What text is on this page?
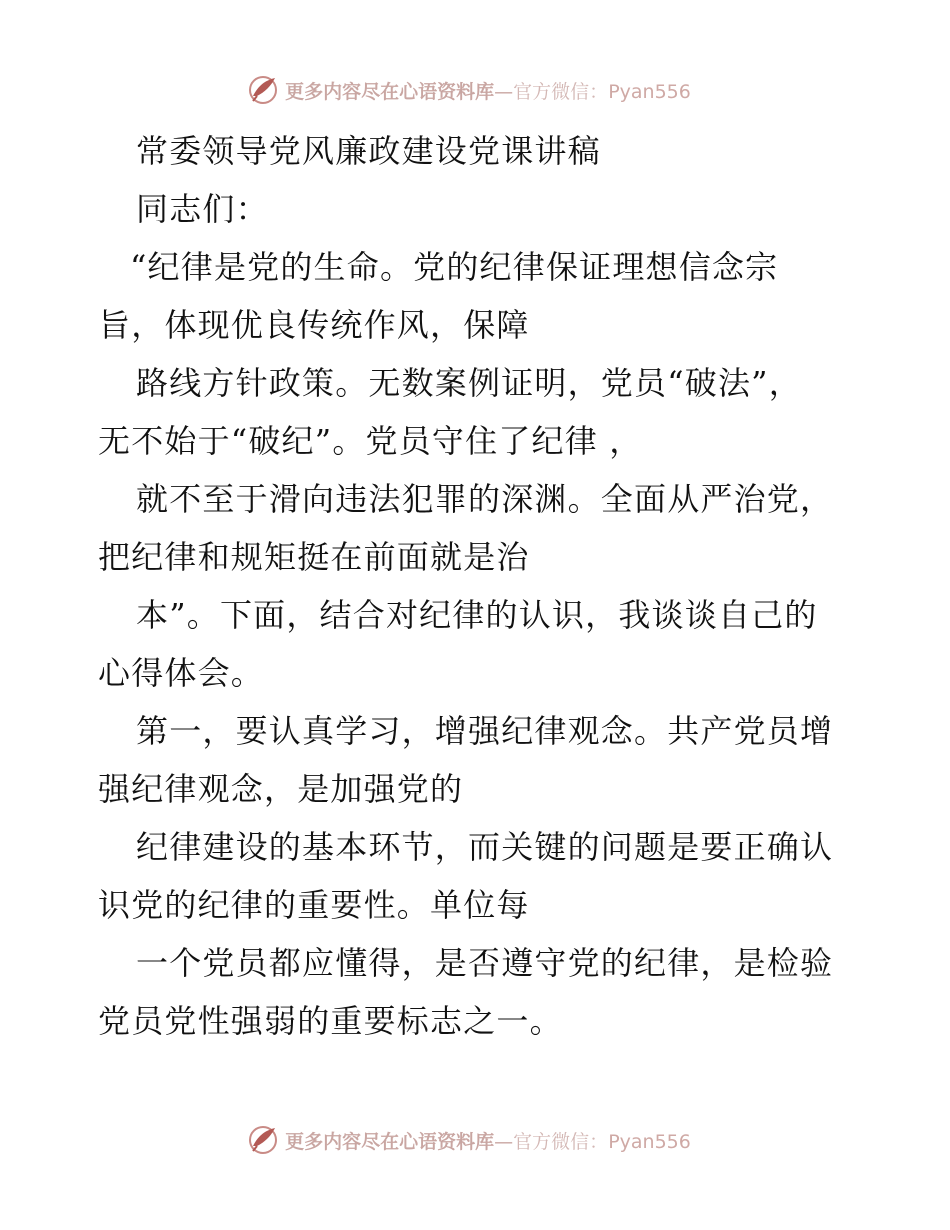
更多内容尽在心语资料库—官方微信：Pyan556
常委领导党风廉政建设党课讲稿
同志们：
“纪律是党的生命。党的纪律保证理想信念宗
旨，体现优良传统作风，保障
路线方针政策。无数案例证明，党员“破法”，
无不始于“破纪”。党员守住了纪律 ，
就不至于滑向违法犯罪的深渊。全面从严治党，
把纪律和规矩挺在前面就是治
本”。下面，结合对纪律的认识，我谈谈自己的
心得体会。
第一，要认真学习，增强纪律观念。共产党员增
强纪律观念，是加强党的
纪律建设的基本环节，而关键的问题是要正确认
识党的纪律的重要性。单位每
一个党员都应懂得，是否遵守党的纪律，是检验
党员党性强弱的重要标志之一。
更多内容尽在心语资料库—官方微信：Pyan556
